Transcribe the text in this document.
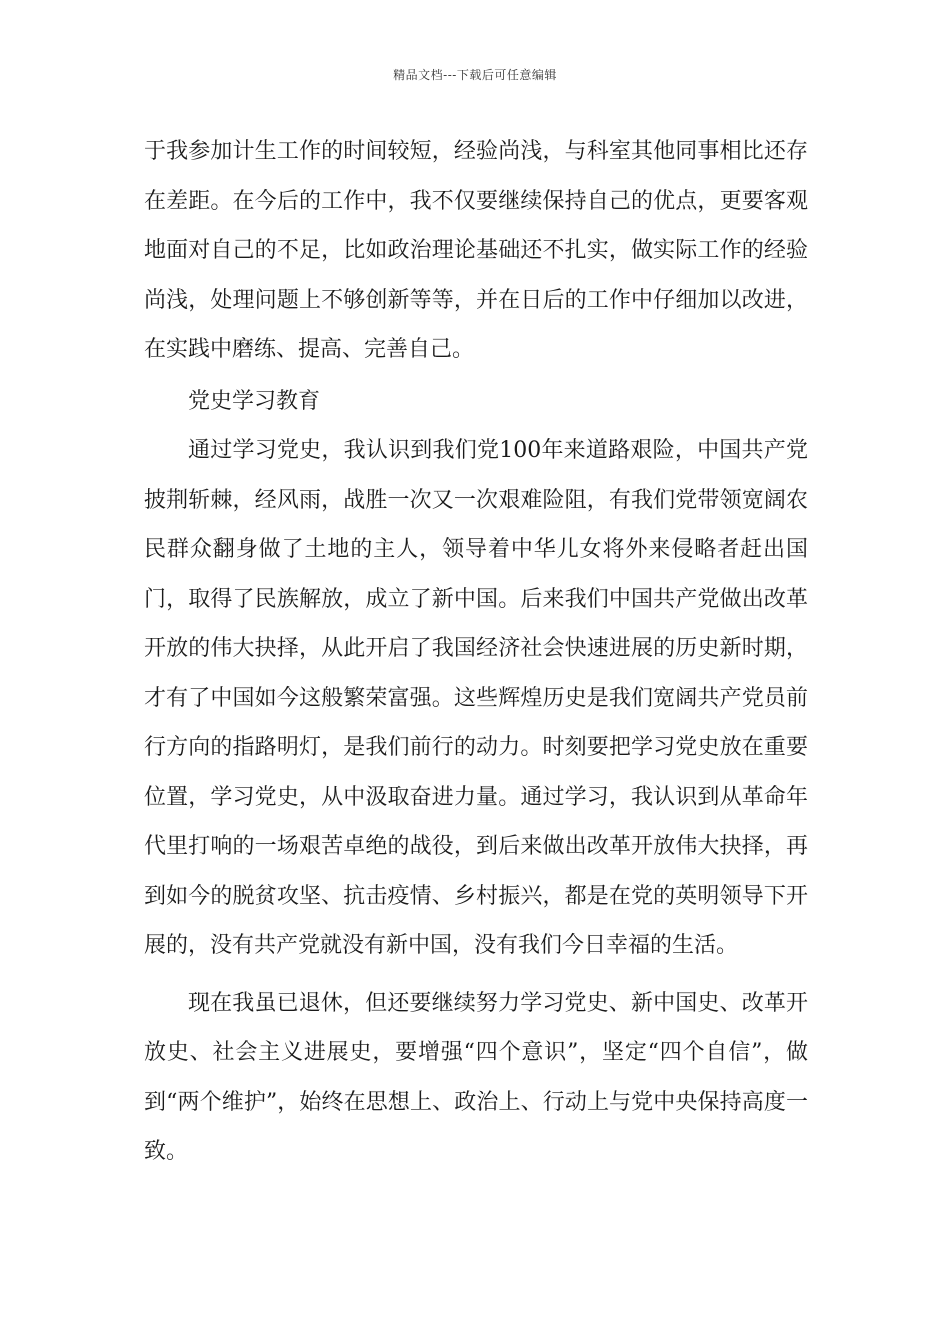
精品文档---下载后可任意编辑

于我参加计生工作的时间较短，经验尚浅，与科室其他同事相比还存在差距。在今后的工作中，我不仅要继续保持自己的优点，更要客观地面对自己的不足，比如政治理论基础还不扎实，做实际工作的经验尚浅，处理问题上不够创新等等，并在日后的工作中仔细加以改进，在实践中磨练、提高、完善自己。

党史学习教育

通过学习党史，我认识到我们党100年来道路艰险，中国共产党披荆斩棘，经风雨，战胜一次又一次艰难险阻，有我们党带领宽阔农民群众翻身做了土地的主人，领导着中华儿女将外来侵略者赶出国门，取得了民族解放，成立了新中国。后来我们中国共产党做出改革开放的伟大抉择，从此开启了我国经济社会快速进展的历史新时期，才有了中国如今这般繁荣富强。这些辉煌历史是我们宽阔共产党员前行方向的指路明灯，是我们前行的动力。时刻要把学习党史放在重要位置，学习党史，从中汲取奋进力量。通过学习，我认识到从革命年代里打响的一场艰苦卓绝的战役，到后来做出改革开放伟大抉择，再到如今的脱贫攻坚、抗击疫情、乡村振兴，都是在党的英明领导下开展的，没有共产党就没有新中国，没有我们今日幸福的生活。

现在我虽已退休，但还要继续努力学习党史、新中国史、改革开放史、社会主义进展史，要增强“四个意识”，坚定“四个自信”，做到“两个维护”，始终在思想上、政治上、行动上与党中央保持高度一致。
